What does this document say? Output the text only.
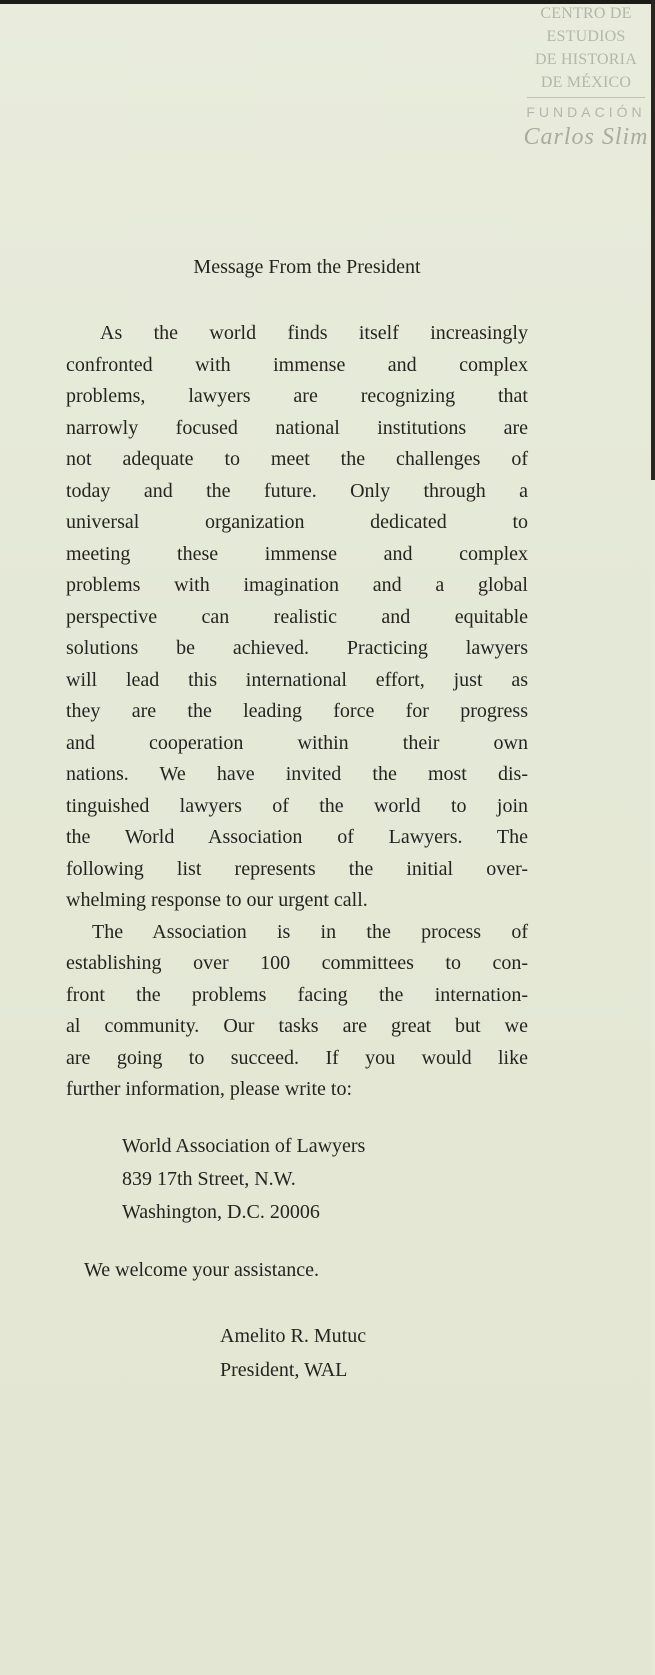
CENTRO DE
ESTUDIOS
DE HISTORIA
DE MÉXICO
FUNDACIÓN
Carlos Slim
Message From the President

As the world finds itself increasingly
confronted with immense and complex
problems, lawyers are recognizing that
narrowly focused national institutions are
not adequate to meet the challenges of
today and the future. Only through a
universal organization dedicated to
meeting these immense and complex
problems with imagination and a global
perspective can realistic and equitable
solutions be achieved. Practicing lawyers
will lead this international effort, just as
they are the leading force for progress
and cooperation within their own
nations. We have invited the most dis-
tinguished lawyers of the world to join
the World Association of Lawyers. The
following list represents the initial over-
whelming response to our urgent call.

The Association is in the process of
establishing over 100 committees to con-
front the problems facing the internation-
al community. Our tasks are great but we
are going to succeed. If you would like
further information, please write to:

World Association of Lawyers
839 17th Street, N.W.
Washington, D.C. 20006
We welcome your assistance.
Amelito R. Mutuc
President, WAL
